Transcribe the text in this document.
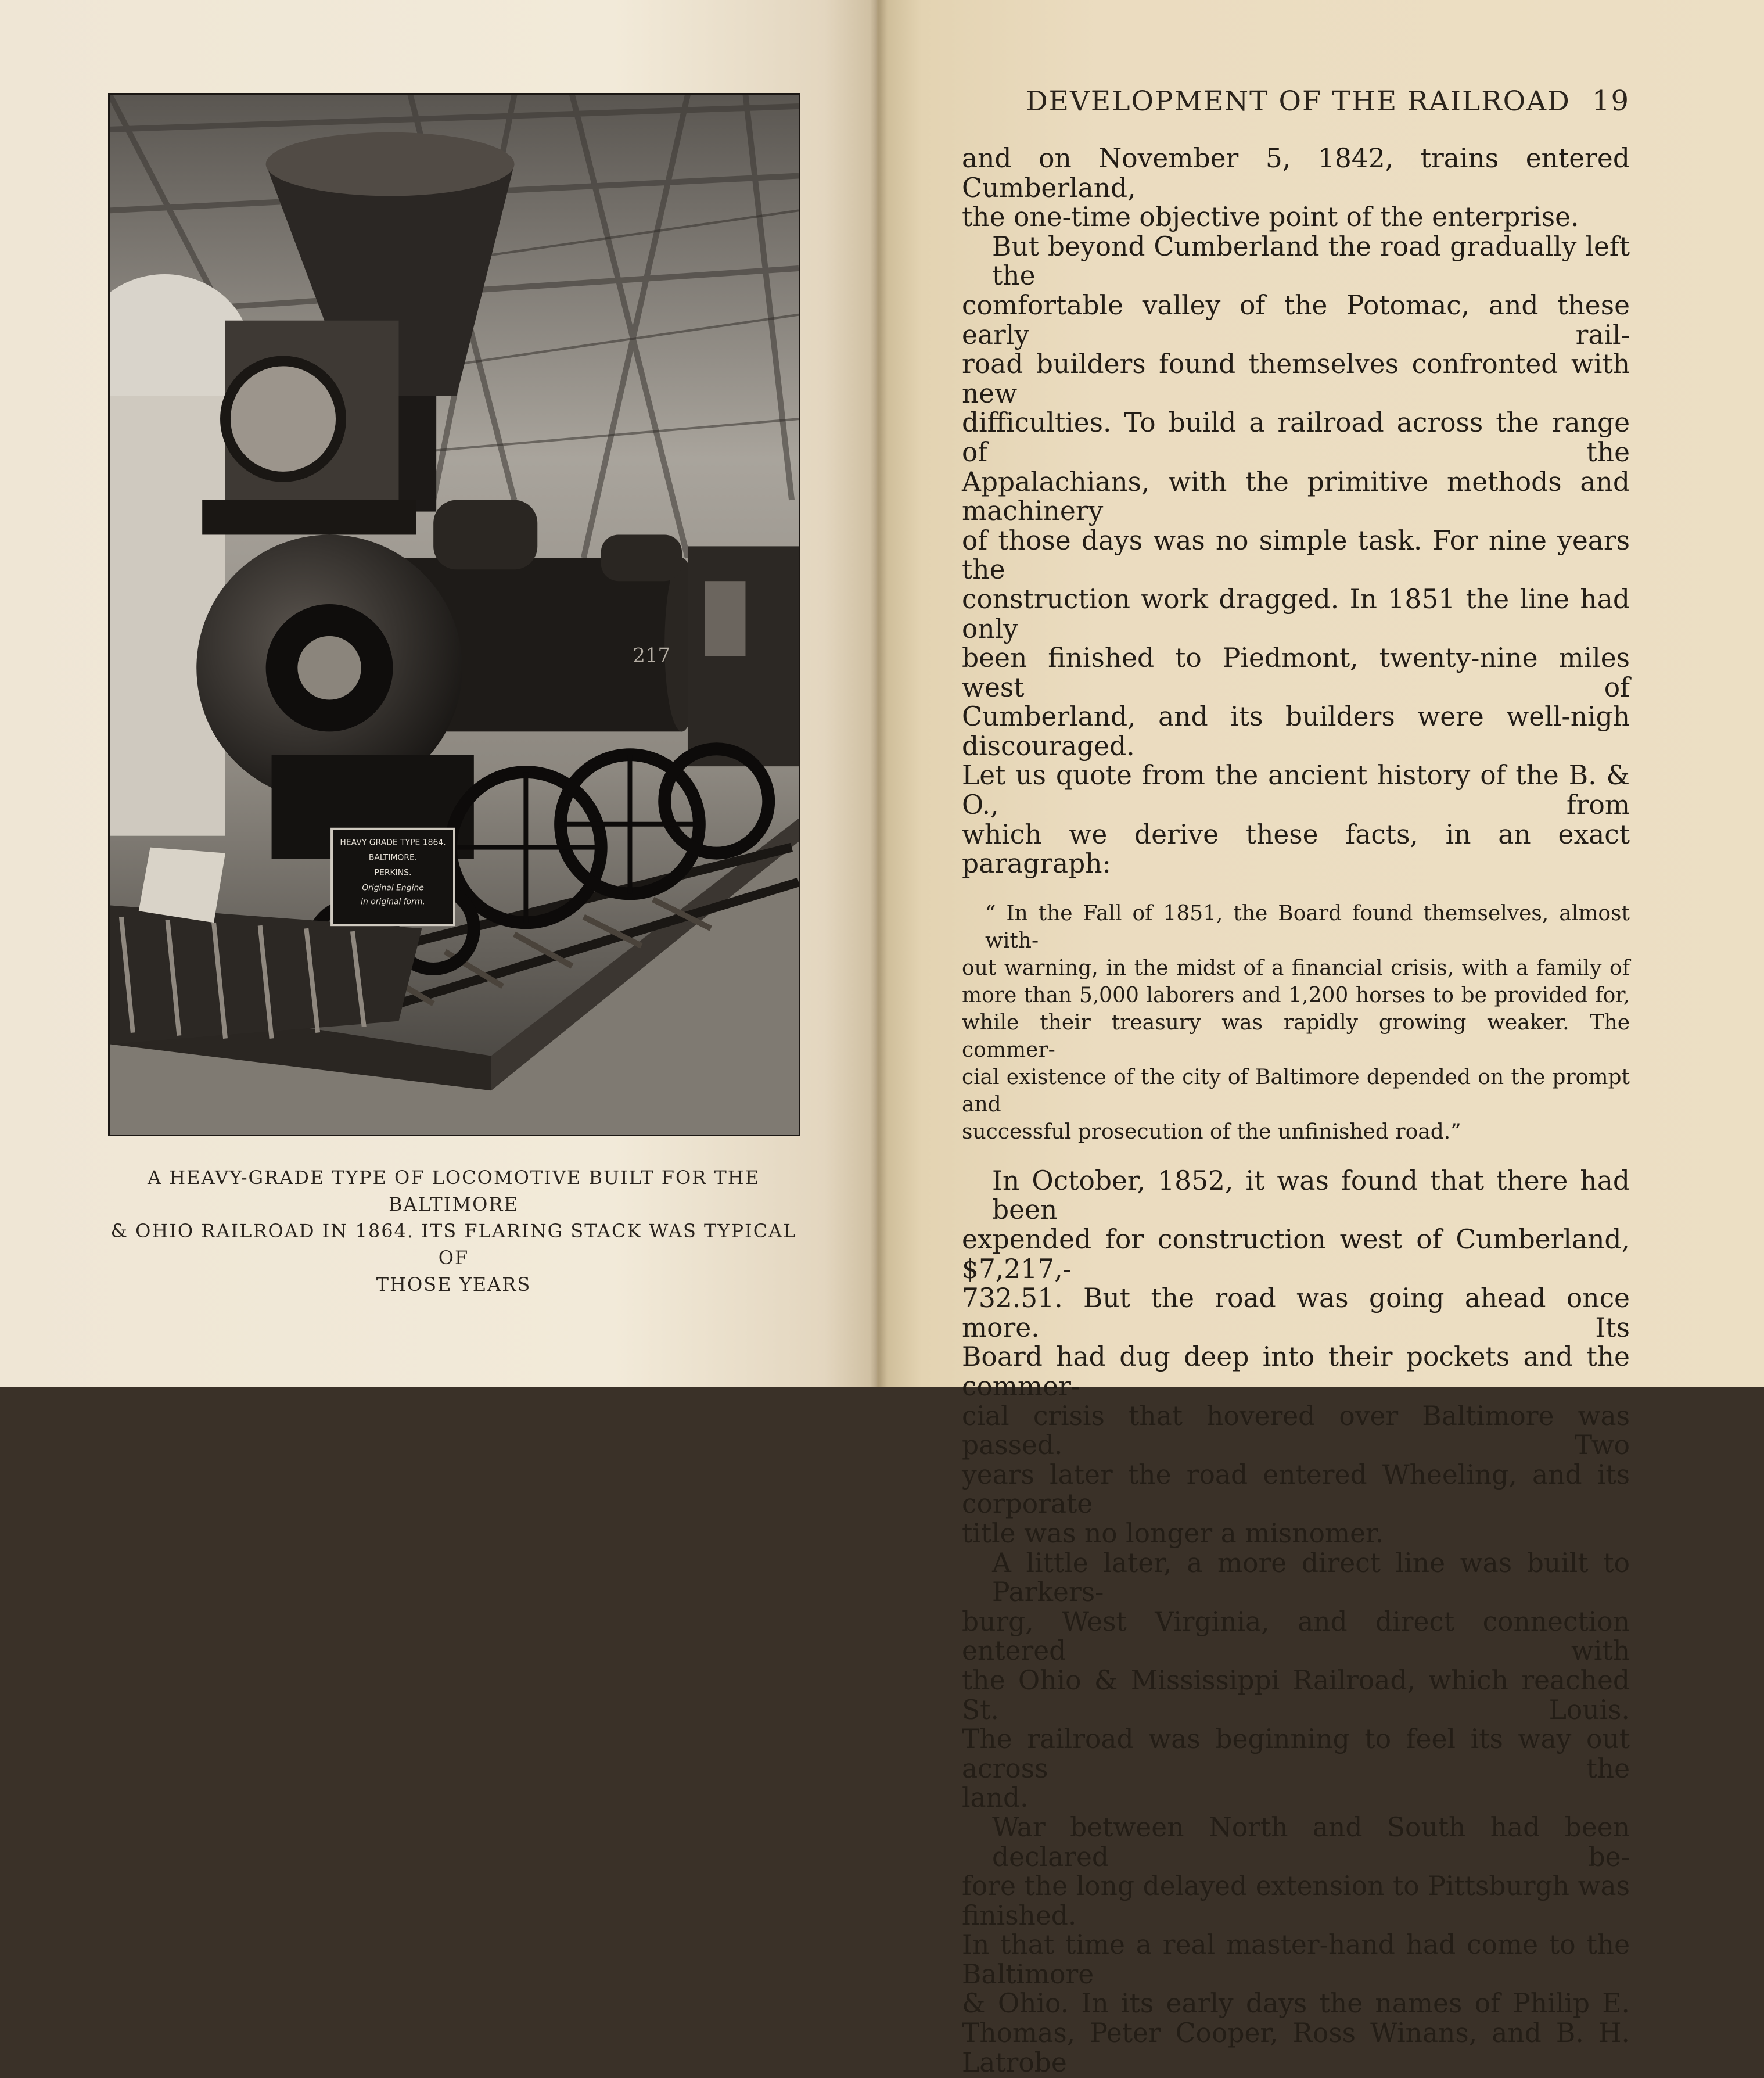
HEAVY GRADE TYPE 1864.
BALTIMORE.
PERKINS.
Original Engine
in original form.
217
A HEAVY-GRADE TYPE OF LOCOMOTIVE BUILT FOR THE BALTIMORE
& OHIO RAILROAD IN 1864. ITS FLARING STACK WAS TYPICAL OF
THOSE YEARS
DEVELOPMENT OF THE RAILROAD 19

and on November 5, 1842, trains entered Cumberland,
the one-time objective point of the enterprise.

But beyond Cumberland the road gradually left the
comfortable valley of the Potomac, and these early rail-
road builders found themselves confronted with new
difficulties. To build a railroad across the range of the
Appalachians, with the primitive methods and machinery
of those days was no simple task. For nine years the
construction work dragged. In 1851 the line had only
been finished to Piedmont, twenty-nine miles west of
Cumberland, and its builders were well-nigh discouraged.
Let us quote from the ancient history of the B. & O., from
which we derive these facts, in an exact paragraph:

“ In the Fall of 1851, the Board found themselves, almost with-
out warning, in the midst of a financial crisis, with a family of
more than 5,000 laborers and 1,200 horses to be provided for,
while their treasury was rapidly growing weaker. The commer-
cial existence of the city of Baltimore depended on the prompt and
successful prosecution of the unfinished road.”

In October, 1852, it was found that there had been
expended for construction west of Cumberland, $7,217,-
732.51. But the road was going ahead once more. Its
Board had dug deep into their pockets and the commer-
cial crisis that hovered over Baltimore was passed. Two
years later the road entered Wheeling, and its corporate
title was no longer a misnomer.

A little later, a more direct line was built to Parkers-
burg, West Virginia, and direct connection entered with
the Ohio & Mississippi Railroad, which reached St. Louis.
The railroad was beginning to feel its way out across the
land.

War between North and South had been declared be-
fore the long delayed extension to Pittsburgh was finished.
In that time a real master-hand had come to the Baltimore
& Ohio. In its early days the names of Philip E.
Thomas, Peter Cooper, Ross Winans, and B. H. Latrobe
